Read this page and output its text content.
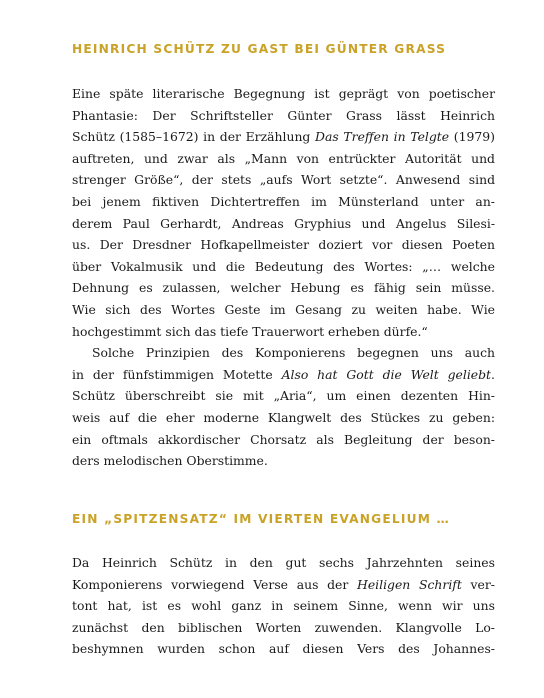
HEINRICH SCHÜTZ ZU GAST BEI GÜNTER GRASS
Eine späte literarische Begegnung ist geprägt von poetischer
Phantasie: Der Schriftsteller Günter Grass lässt Heinrich
Schütz (1585–1672) in der Erzählung Das Treffen in Telgte (1979)
auftreten, und zwar als „Mann von entrückter Autorität und
strenger Größe“, der stets „aufs Wort setzte“. Anwesend sind
bei jenem fiktiven Dichtertreffen im Münsterland unter an-
derem Paul Gerhardt, Andreas Gryphius und Angelus Silesi-
us. Der Dresdner Hofkapellmeister doziert vor diesen Poeten
über Vokalmusik und die Bedeutung des Wortes: „… welche
Dehnung es zulassen, welcher Hebung es fähig sein müsse.
Wie sich des Wortes Geste im Gesang zu weiten habe. Wie
hochgestimmt sich das tiefe Trauerwort erheben dürfe.“
Solche Prinzipien des Komponierens begegnen uns auch
in der fünfstimmigen Motette Also hat Gott die Welt geliebt.
Schütz überschreibt sie mit „Aria“, um einen dezenten Hin-
weis auf die eher moderne Klangwelt des Stückes zu geben:
ein oftmals akkordischer Chorsatz als Begleitung der beson-
ders melodischen Oberstimme.
EIN „SPITZENSATZ“ IM VIERTEN EVANGELIUM …
Da Heinrich Schütz in den gut sechs Jahrzehnten seines
Komponierens vorwiegend Verse aus der Heiligen Schrift ver-
tont hat, ist es wohl ganz in seinem Sinne, wenn wir uns
zunächst den biblischen Worten zuwenden. Klangvolle Lo-
beshymnen wurden schon auf diesen Vers des Johannes-
